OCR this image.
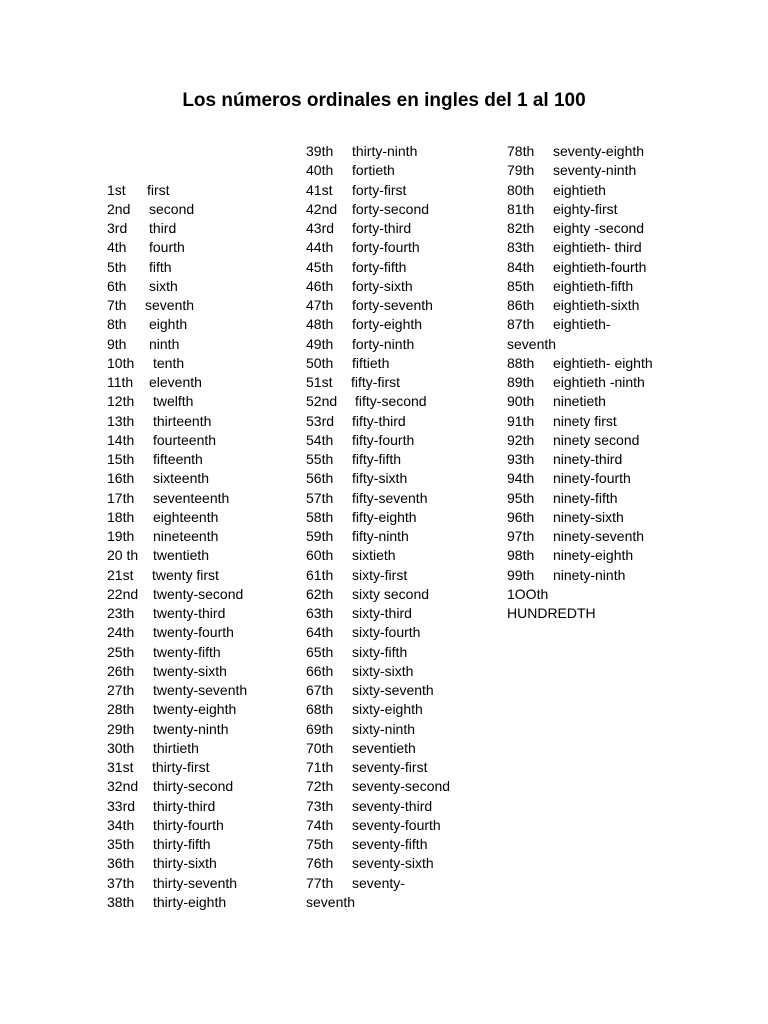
Los números ordinales en ingles del 1 al 100
1st first
2nd second
3rd third
4th fourth
5th fifth
6th sixth
7th seventh
8th eighth
9th ninth
10th tenth
11th eleventh
12th twelfth
13th thirteenth
14th fourteenth
15th fifteenth
16th sixteenth
17th seventeenth
18th eighteenth
19th nineteenth
20 th twentieth
21st twenty first
22nd twenty-second
23th twenty-third
24th twenty-fourth
25th twenty-fifth
26th twenty-sixth
27th twenty-seventh
28th twenty-eighth
29th twenty-ninth
30th thirtieth
31st thirty-first
32nd thirty-second
33rd thirty-third
34th thirty-fourth
35th thirty-fifth
36th thirty-sixth
37th thirty-seventh
38th thirty-eighth
39th thirty-ninth
40th fortieth
41st forty-first
42nd forty-second
43rd forty-third
44th forty-fourth
45th forty-fifth
46th forty-sixth
47th forty-seventh
48th forty-eighth
49th forty-ninth
50th fiftieth
51st fifty-first
52nd fifty-second
53rd fifty-third
54th fifty-fourth
55th fifty-fifth
56th fifty-sixth
57th fifty-seventh
58th fifty-eighth
59th fifty-ninth
60th sixtieth
61th sixty-first
62th sixty second
63th sixty-third
64th sixty-fourth
65th sixty-fifth
66th sixty-sixth
67th sixty-seventh
68th sixty-eighth
69th sixty-ninth
70th seventieth
71th seventy-first
72th seventy-second
73th seventy-third
74th seventy-fourth
75th seventy-fifth
76th seventy-sixth
77th seventy-
seventh
78th seventy-eighth
79th seventy-ninth
80th eightieth
81th eighty-first
82th eighty -second
83th eightieth- third
84th eightieth-fourth
85th eightieth-fifth
86th eightieth-sixth
87th eightieth-
seventh
88th eightieth- eighth
89th eightieth -ninth
90th ninetieth
91th ninety first
92th ninety second
93th ninety-third
94th ninety-fourth
95th ninety-fifth
96th ninety-sixth
97th ninety-seventh
98th ninety-eighth
99th ninety-ninth
1OOth
HUNDREDTH
